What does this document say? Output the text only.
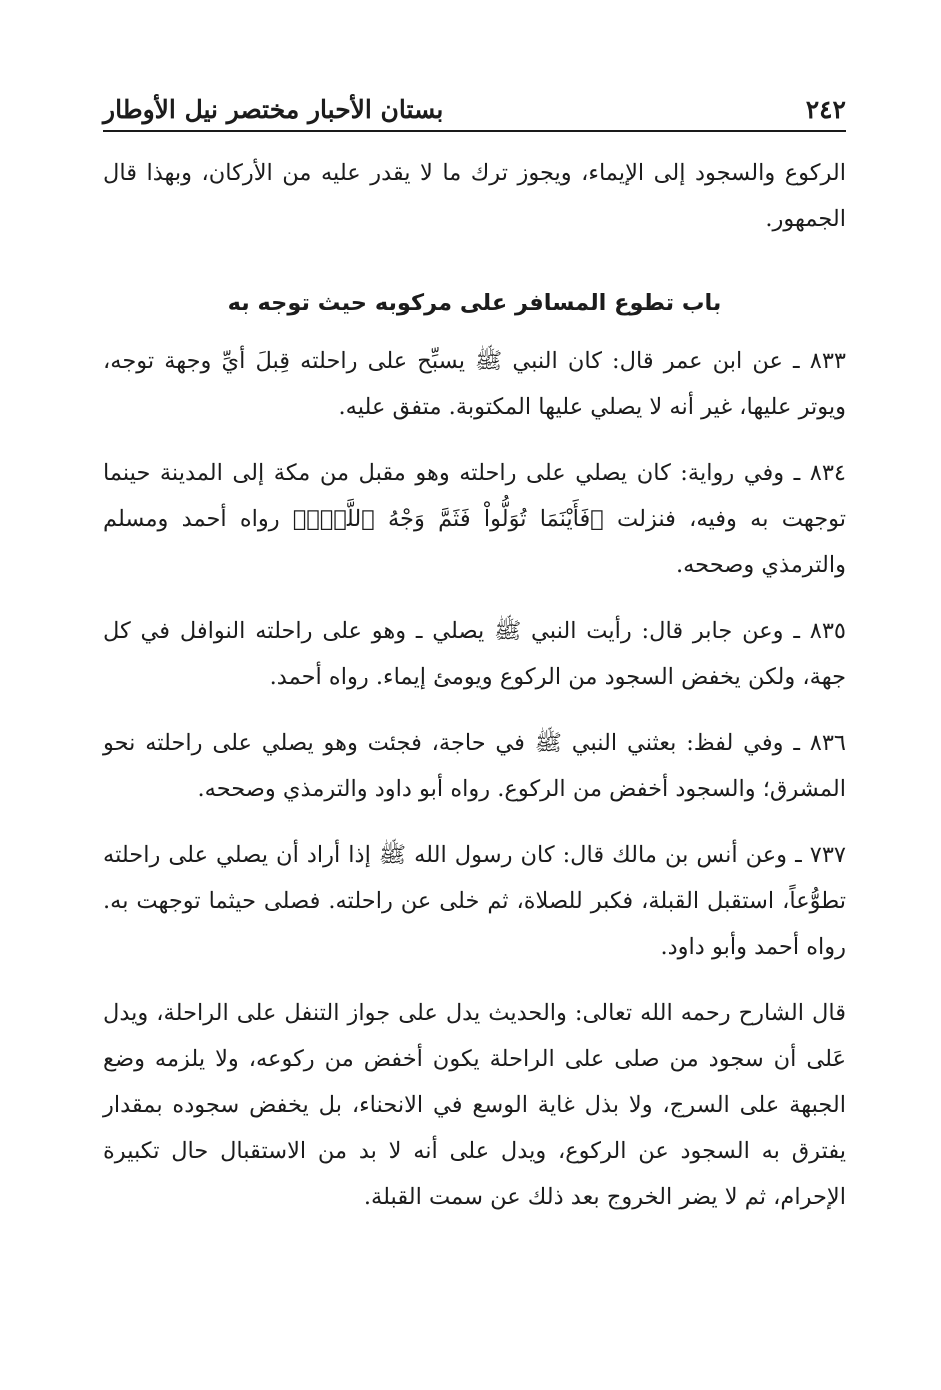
٢٤٢
بستان الأحبار مختصر نيل الأوطار

الركوع والسجود إلى الإيماء، ويجوز ترك ما لا يقدر عليه من الأركان، وبهذا قال الجمهور.

باب تطوع المسافر على مركوبه حيث توجه به

٨٣٣ ـ عن ابن عمر قال: كان النبي ﷺ يسبِّح على راحلته قِبلَ أيِّ وجهة توجه، ويوتر عليها، غير أنه لا يصلي عليها المكتوبة. متفق عليه.

٨٣٤ ـ وفي رواية: كان يصلي على راحلته وهو مقبل من مكة إلى المدينة حينما توجهت به وفيه، فنزلت ﴿فَأَيْنَمَا تُوَلُّواْ فَثَمَّ وَجْهُ ٱللَّهِۚ﴾ رواه أحمد ومسلم والترمذي وصححه.

٨٣٥ ـ وعن جابر قال: رأيت النبي ﷺ يصلي ـ وهو على راحلته النوافل في كل جهة، ولكن يخفض السجود من الركوع ويومئ إيماء. رواه أحمد.

٨٣٦ ـ وفي لفظ: بعثني النبي ﷺ في حاجة، فجئت وهو يصلي على راحلته نحو المشرق؛ والسجود أخفض من الركوع. رواه أبو داود والترمذي وصححه.

٧٣٧ ـ وعن أنس بن مالك قال: كان رسول الله ﷺ إذا أراد أن يصلي على راحلته تطوُّعاً، استقبل القبلة، فكبر للصلاة، ثم خلى عن راحلته. فصلى حيثما توجهت به. رواه أحمد وأبو داود.

قال الشارح رحمه الله تعالى: والحديث يدل على جواز التنفل على الراحلة، ويدل عَلى أن سجود من صلى على الراحلة يكون أخفض من ركوعه، ولا يلزمه وضع الجبهة على السرج، ولا بذل غاية الوسع في الانحناء، بل يخفض سجوده بمقدار يفترق به السجود عن الركوع، ويدل على أنه لا بد من الاستقبال حال تكبيرة الإحرام، ثم لا يضر الخروج بعد ذلك عن سمت القبلة.
